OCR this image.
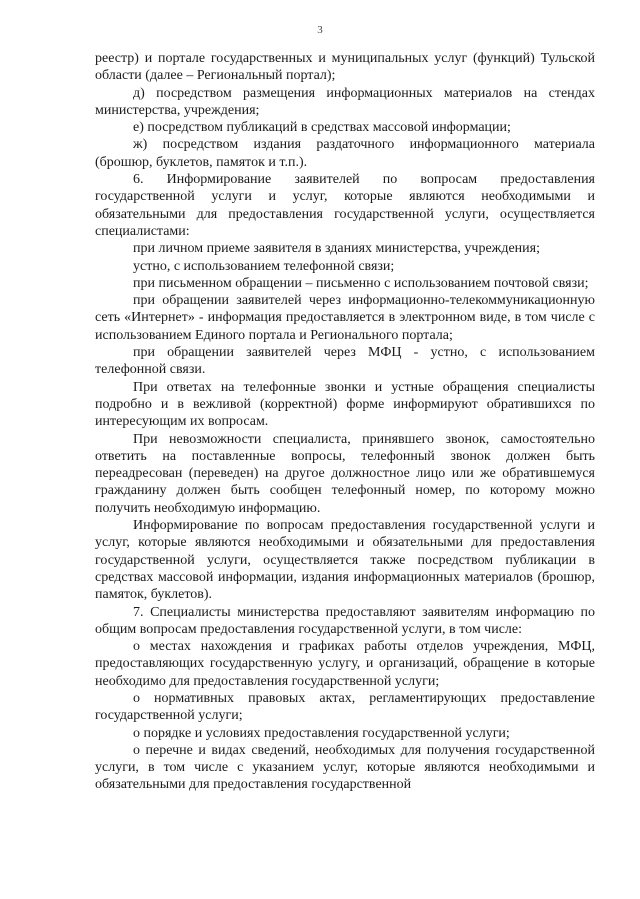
3

реестр) и портале государственных и муниципальных услуг (функций) Тульской области (далее – Региональный портал);

д) посредством размещения информационных материалов на стендах министерства, учреждения;

е) посредством публикаций в средствах массовой информации;

ж) посредством издания раздаточного информационного материала (брошюр, буклетов, памяток и т.п.).

6. Информирование заявителей по вопросам предоставления государственной услуги и услуг, которые являются необходимыми и обязательными для предоставления государственной услуги, осуществляется специалистами:

при личном приеме заявителя в зданиях министерства, учреждения;

устно, с использованием телефонной связи;

при письменном обращении – письменно с использованием почтовой связи;

при обращении заявителей через информационно-телекоммуникационную сеть «Интернет» - информация предоставляется в электронном виде, в том числе с использованием Единого портала и Регионального портала;

при обращении заявителей через МФЦ - устно, с использованием телефонной связи.

При ответах на телефонные звонки и устные обращения специалисты подробно и в вежливой (корректной) форме информируют обратившихся по интересующим их вопросам.

При невозможности специалиста, принявшего звонок, самостоятельно ответить на поставленные вопросы, телефонный звонок должен быть переадресован (переведен) на другое должностное лицо или же обратившемуся гражданину должен быть сообщен телефонный номер, по которому можно получить необходимую информацию.

Информирование по вопросам предоставления государственной услуги и услуг, которые являются необходимыми и обязательными для предоставления государственной услуги, осуществляется также посредством публикации в средствах массовой информации, издания информационных материалов (брошюр, памяток, буклетов).

7. Специалисты министерства предоставляют заявителям информацию по общим вопросам предоставления государственной услуги, в том числе:

о местах нахождения и графиках работы отделов учреждения, МФЦ, предоставляющих государственную услугу, и организаций, обращение в которые необходимо для предоставления государственной услуги;

о нормативных правовых актах, регламентирующих предоставление государственной услуги;

о порядке и условиях предоставления государственной услуги;

о перечне и видах сведений, необходимых для получения государственной услуги, в том числе с указанием услуг, которые являются необходимыми и обязательными для предоставления государственной
